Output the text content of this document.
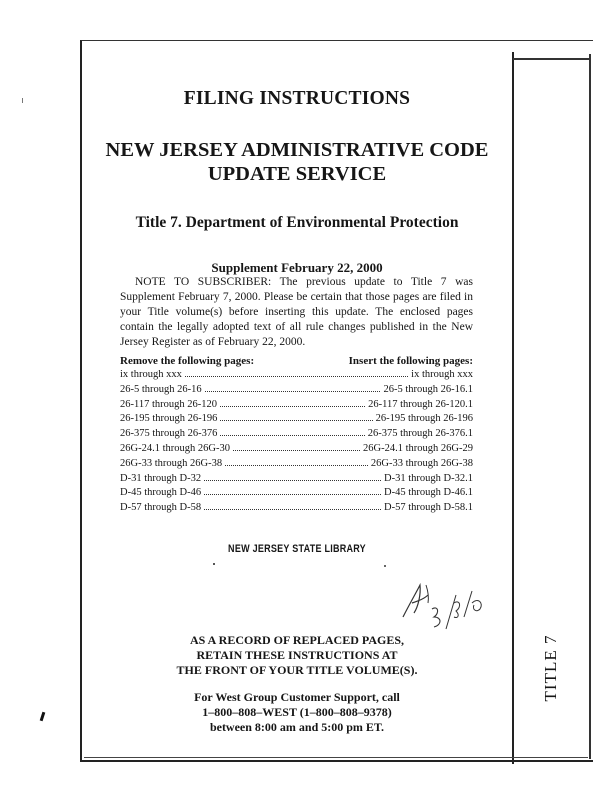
FILING INSTRUCTIONS
NEW JERSEY ADMINISTRATIVE CODE
UPDATE SERVICE
Title 7. Department of Environmental Protection
Supplement February 22, 2000

NOTE TO SUBSCRIBER: The previous update to Title 7 was Supplement February 7, 2000. Please be certain that those pages are filed in your Title volume(s) before inserting this update. The enclosed pages contain the legally adopted text of all rule changes published in the New Jersey Register as of February 22, 2000.

Remove the following pages:	Insert the following pages:
ix through xxx	ix through xxx
26-5 through 26-16	26-5 through 26-16.1
26-117 through 26-120	26-117 through 26-120.1
26-195 through 26-196	26-195 through 26-196
26-375 through 26-376	26-375 through 26-376.1
26G-24.1 through 26G-30	26G-24.1 through 26G-29
26G-33 through 26G-38	26G-33 through 26G-38
D-31 through D-32	D-31 through D-32.1
D-45 through D-46	D-45 through D-46.1
D-57 through D-58	D-57 through D-58.1
NEW JERSEY STATE LIBRARY

AS A RECORD OF REPLACED PAGES,
RETAIN THESE INSTRUCTIONS AT
THE FRONT OF YOUR TITLE VOLUME(S).

For West Group Customer Support, call
1–800–808–WEST (1–800–808–9378)
between 8:00 am and 5:00 pm ET.

TITLE 7
